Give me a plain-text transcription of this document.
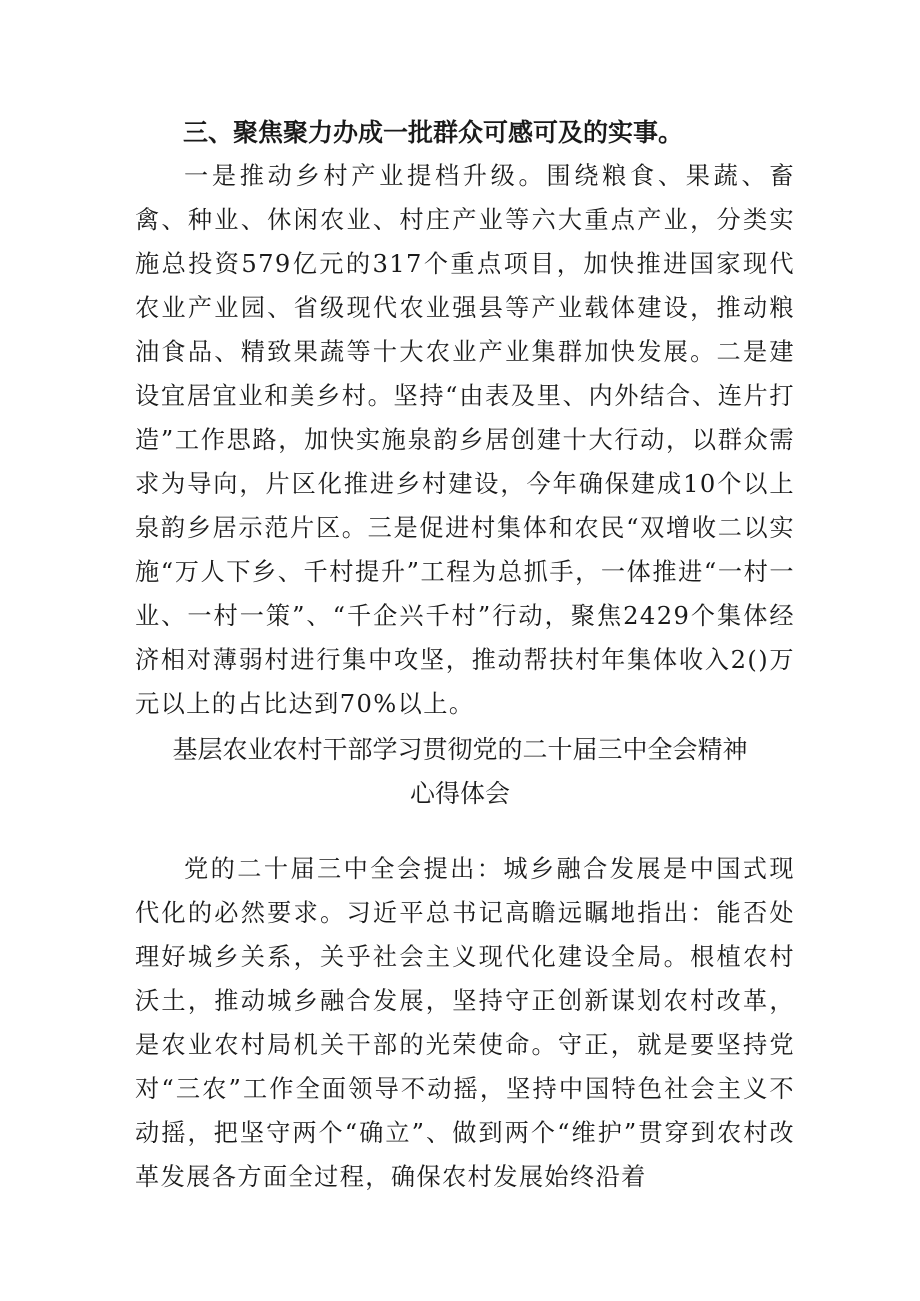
三、聚焦聚力办成一批群众可感可及的实事。
一是推动乡村产业提档升级。围绕粮食、果蔬、畜禽、种业、休闲农业、村庄产业等六大重点产业，分类实施总投资579亿元的317个重点项目，加快推进国家现代农业产业园、省级现代农业强县等产业载体建设，推动粮油食品、精致果蔬等十大农业产业集群加快发展。二是建设宜居宜业和美乡村。坚持“由表及里、内外结合、连片打造”工作思路，加快实施泉韵乡居创建十大行动，以群众需求为导向，片区化推进乡村建设，今年确保建成10个以上泉韵乡居示范片区。三是促进村集体和农民“双增收二以实施“万人下乡、千村提升”工程为总抓手，一体推进“一村一业、一村一策”、“千企兴千村”行动，聚焦2429个集体经济相对薄弱村进行集中攻坚，推动帮扶村年集体收入2()万元以上的占比达到70%以上。
基层农业农村干部学习贯彻党的二十届三中全会精神
心得体会
党的二十届三中全会提出：城乡融合发展是中国式现代化的必然要求。习近平总书记高瞻远瞩地指出：能否处理好城乡关系，关乎社会主义现代化建设全局。根植农村沃土，推动城乡融合发展，坚持守正创新谋划农村改革，是农业农村局机关干部的光荣使命。守正，就是要坚持党对“三农”工作全面领导不动摇，坚持中国特色社会主义不动摇，把坚守两个“确立”、做到两个“维护”贯穿到农村改革发展各方面全过程，确保农村发展始终沿着
